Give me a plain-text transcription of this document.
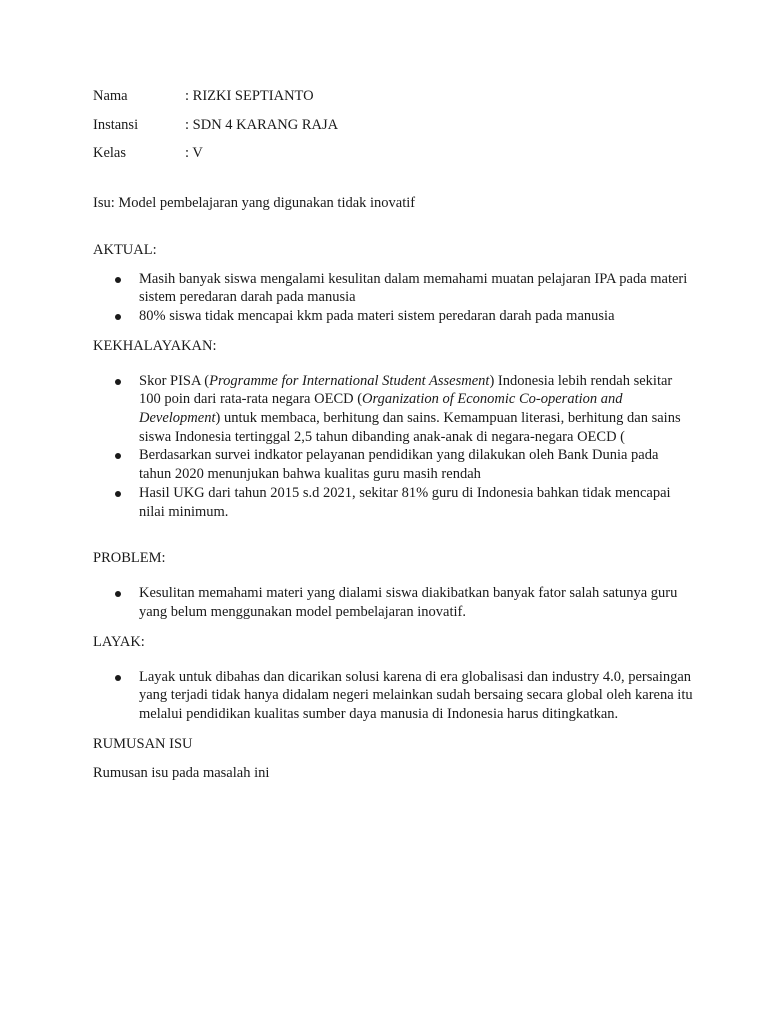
Nama	: RIZKI SEPTIANTO
Instansi	: SDN 4 KARANG RAJA
Kelas	: V
Isu: Model pembelajaran yang digunakan tidak inovatif
AKTUAL:
Masih banyak siswa mengalami kesulitan dalam memahami muatan pelajaran IPA pada materi sistem peredaran darah pada manusia
80% siswa tidak mencapai kkm pada materi sistem peredaran darah pada manusia
KEKHALAYAKAN:
Skor PISA (Programme for International Student Assesment) Indonesia lebih rendah sekitar 100 poin dari rata-rata negara OECD (Organization of Economic Co-operation and Development) untuk membaca, berhitung dan sains. Kemampuan literasi, berhitung dan sains siswa Indonesia tertinggal 2,5 tahun dibanding anak-anak di negara-negara OECD (
Berdasarkan survei indkator pelayanan pendidikan yang dilakukan oleh Bank Dunia pada tahun 2020 menunjukan bahwa kualitas guru masih rendah
Hasil UKG dari tahun 2015 s.d 2021, sekitar 81% guru di Indonesia bahkan tidak mencapai nilai minimum.
PROBLEM:
Kesulitan memahami materi yang dialami siswa diakibatkan banyak fator salah satunya guru yang belum menggunakan model pembelajaran inovatif.
LAYAK:
Layak untuk dibahas dan dicarikan solusi karena di era globalisasi dan industry 4.0, persaingan yang terjadi tidak hanya didalam negeri melainkan sudah bersaing secara global oleh karena itu melalui pendidikan kualitas sumber daya manusia di Indonesia harus ditingkatkan.
RUMUSAN ISU
Rumusan isu pada masalah ini
